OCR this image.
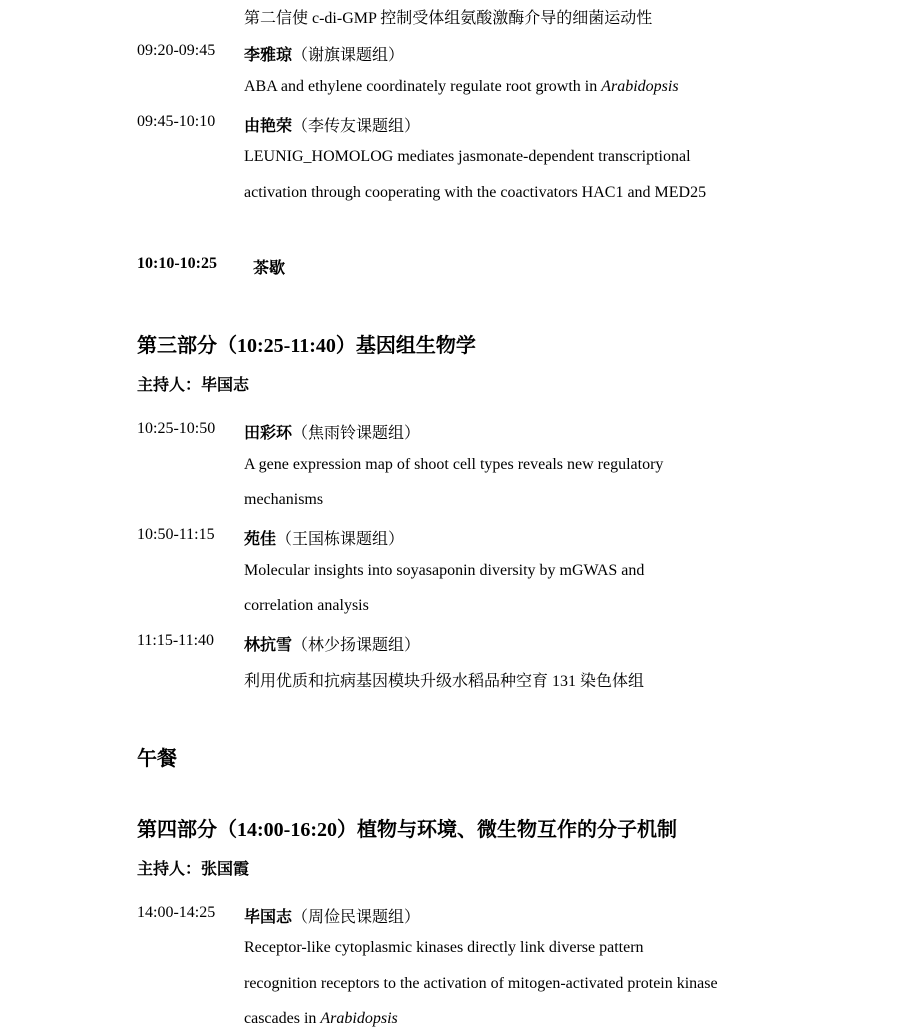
第二信使 c-di-GMP 控制受体组氨酸激酶介导的细菌运动性
09:20-09:45 李雅琼（谢旗课题组）
ABA and ethylene coordinately regulate root growth in Arabidopsis
09:45-10:10 由艳荣（李传友课题组）
LEUNIG_HOMOLOG mediates jasmonate-dependent transcriptional
activation through cooperating with the coactivators HAC1 and MED25
10:10-10:25 茶歇
第三部分（10:25-11:40）基因组生物学
主持人：毕国志
10:25-10:50 田彩环（焦雨铃课题组）
A gene expression map of shoot cell types reveals new regulatory
mechanisms
10:50-11:15 苑佳（王国栋课题组）
Molecular insights into soyasaponin diversity by mGWAS and
correlation analysis
11:15-11:40 林抗雪（林少扬课题组）
利用优质和抗病基因模块升级水稻品种空育 131 染色体组
午餐
第四部分（14:00-16:20）植物与环境、微生物互作的分子机制
主持人：张国霞
14:00-14:25 毕国志（周俭民课题组）
Receptor-like cytoplasmic kinases directly link diverse pattern
recognition receptors to the activation of mitogen-activated protein kinase
cascades in Arabidopsis
